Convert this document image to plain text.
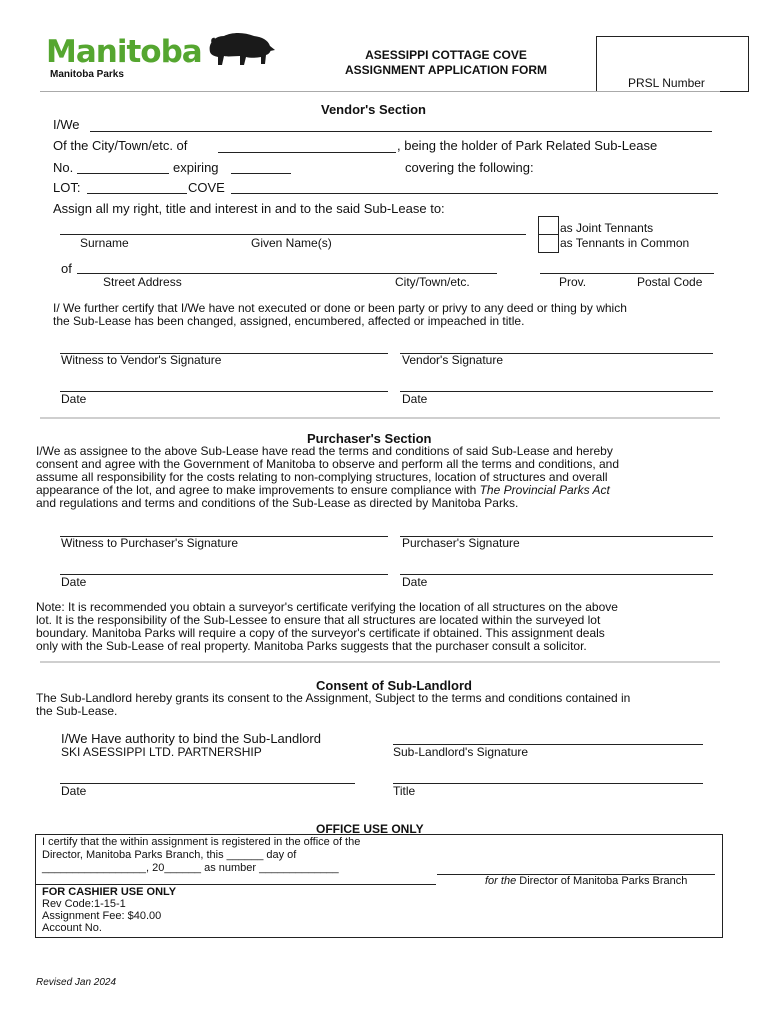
Manitoba
Manitoba Parks
ASESSIPPI COTTAGE COVE
ASSIGNMENT APPLICATION FORM
PRSL Number
Vendor's Section
I/We
Of the City/Town/etc. of	, being the holder of Park Related Sub-Lease
No.	expiring	covering the following:
LOT:	COVE
Assign all my right, title and interest in and to the said Sub-Lease to:
Surname	Given Name(s)
as Joint Tennants
as Tennants in Common
of
Street Address	City/Town/etc.	Prov.	Postal Code
I/ We further certify that I/We have not executed or done or been party or privy to any deed or thing by which
the Sub-Lease has been changed, assigned, encumbered, affected or impeached in title.
Witness to Vendor's Signature	Vendor's Signature
Date	Date
Purchaser's Section
I/We as assignee to the above Sub-Lease have read the terms and conditions of said Sub-Lease and hereby
consent and agree with the Government of Manitoba to observe and perform all the terms and conditions, and
assume all responsibility for the costs relating to non-complying structures, location of structures and overall
appearance of the lot, and agree to make improvements to ensure compliance with The Provincial Parks Act
and regulations and terms and conditions of the Sub-Lease as directed by Manitoba Parks.
Witness to Purchaser's Signature	Purchaser's Signature
Date	Date
Note: It is recommended you obtain a surveyor's certificate verifying the location of all structures on the above
lot. It is the responsibility of the Sub-Lessee to ensure that all structures are located within the surveyed lot
boundary. Manitoba Parks will require a copy of the surveyor's certificate if obtained. This assignment deals
only with the Sub-Lease of real property. Manitoba Parks suggests that the purchaser consult a solicitor.
Consent of Sub-Landlord
The Sub-Landlord hereby grants its consent to the Assignment, Subject to the terms and conditions contained in
the Sub-Lease.
I/We Have authority to bind the Sub-Landlord
SKI ASESSIPPI LTD. PARTNERSHIP	Sub-Landlord's Signature
Date	Title
OFFICE USE ONLY
I certify that the within assignment is registered in the office of the
Director, Manitoba Parks Branch, this ______ day of
_________________, 20______ as number _____________
for the Director of Manitoba Parks Branch
FOR CASHIER USE ONLY
Rev Code:1-15-1
Assignment Fee: $40.00
Account No.
Revised Jan 2024
